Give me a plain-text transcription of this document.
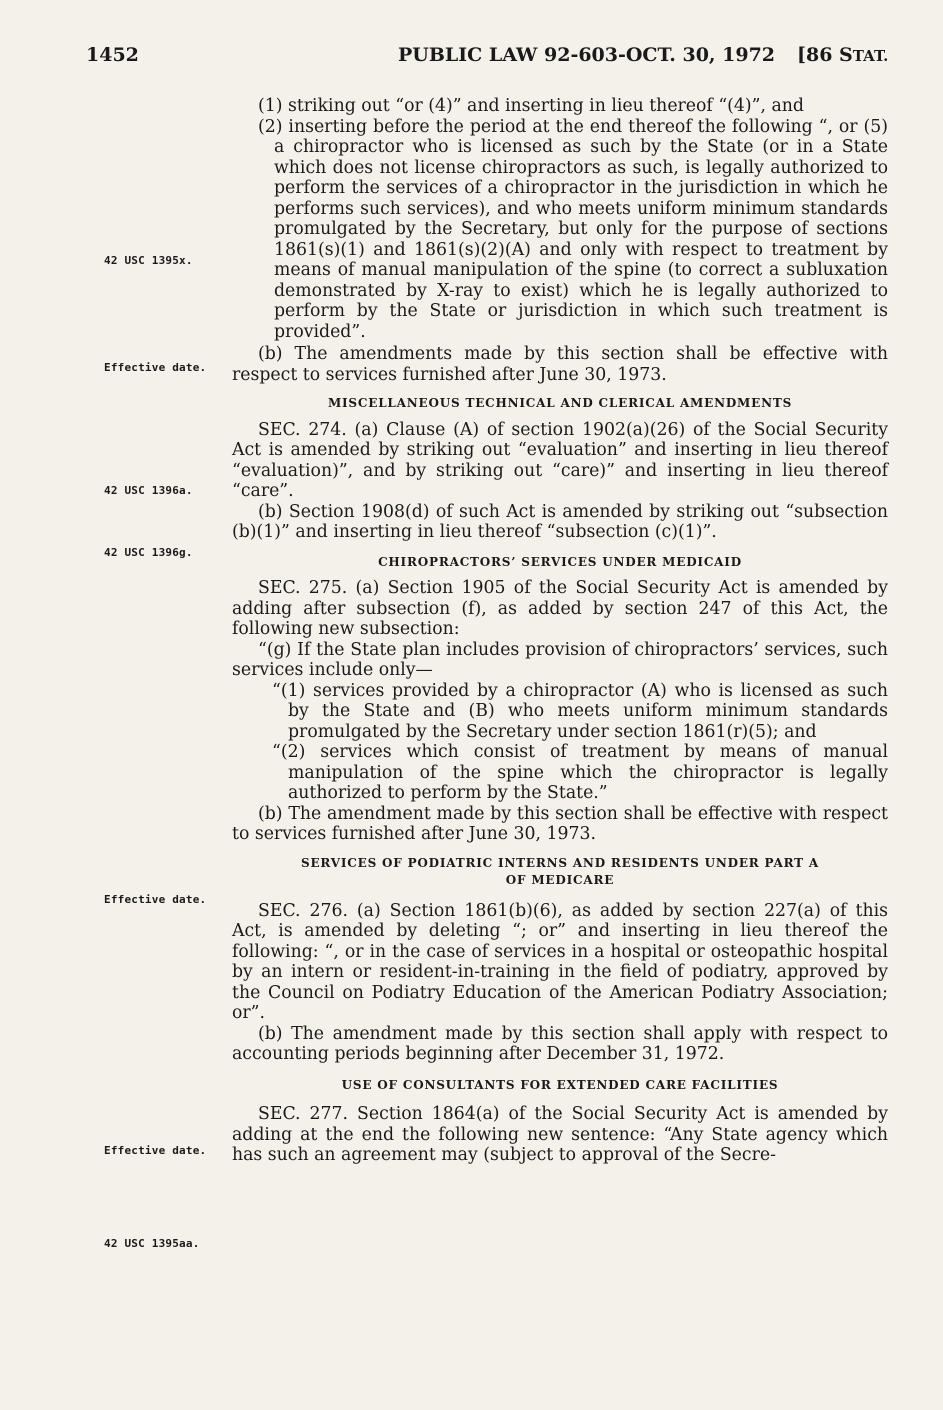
1452	PUBLIC LAW 92-603-OCT. 30, 1972 [86 STAT.
42 USC 1395x.
Effective date.
42 USC 1396a.
42 USC 1396g.
Effective date.
Effective date.
42 USC 1395aa.

(1) striking out “or (4)” and inserting in lieu thereof “(4)”, and

(2) inserting before the period at the end thereof the following “, or (5) a chiropractor who is licensed as such by the State (or in a State which does not license chiropractors as such, is legally authorized to perform the services of a chiropractor in the jurisdiction in which he performs such services), and who meets uniform minimum standards promulgated by the Secretary, but only for the purpose of sections 1861(s)(1) and 1861(s)(2)(A) and only with respect to treatment by means of manual manipulation of the spine (to correct a subluxation demonstrated by X-ray to exist) which he is legally authorized to perform by the State or jurisdiction in which such treatment is provided”.

(b) The amendments made by this section shall be effective with respect to services furnished after June 30, 1973.

MISCELLANEOUS TECHNICAL AND CLERICAL AMENDMENTS

SEC. 274. (a) Clause (A) of section 1902(a)(26) of the Social Security Act is amended by striking out “evaluation” and inserting in lieu thereof “evaluation)”, and by striking out “care)” and inserting in lieu thereof “care”.

(b) Section 1908(d) of such Act is amended by striking out “subsection (b)(1)” and inserting in lieu thereof “subsection (c)(1)”.

CHIROPRACTORS’ SERVICES UNDER MEDICAID

SEC. 275. (a) Section 1905 of the Social Security Act is amended by adding after subsection (f), as added by section 247 of this Act, the following new subsection:

“(g) If the State plan includes provision of chiropractors’ services, such services include only—

“(1) services provided by a chiropractor (A) who is licensed as such by the State and (B) who meets uniform minimum standards promulgated by the Secretary under section 1861(r)(5); and

“(2) services which consist of treatment by means of manual manipulation of the spine which the chiropractor is legally authorized to perform by the State.”

(b) The amendment made by this section shall be effective with respect to services furnished after June 30, 1973.

SERVICES OF PODIATRIC INTERNS AND RESIDENTS UNDER PART A

OF MEDICARE

SEC. 276. (a) Section 1861(b)(6), as added by section 227(a) of this Act, is amended by deleting “; or” and inserting in lieu thereof the following: “, or in the case of services in a hospital or osteopathic hospital by an intern or resident-in-training in the field of podiatry, approved by the Council on Podiatry Education of the American Podiatry Association; or”.

(b) The amendment made by this section shall apply with respect to accounting periods beginning after December 31, 1972.

USE OF CONSULTANTS FOR EXTENDED CARE FACILITIES

SEC. 277. Section 1864(a) of the Social Security Act is amended by adding at the end the following new sentence: “Any State agency which has such an agreement may (subject to approval of the Secre-
